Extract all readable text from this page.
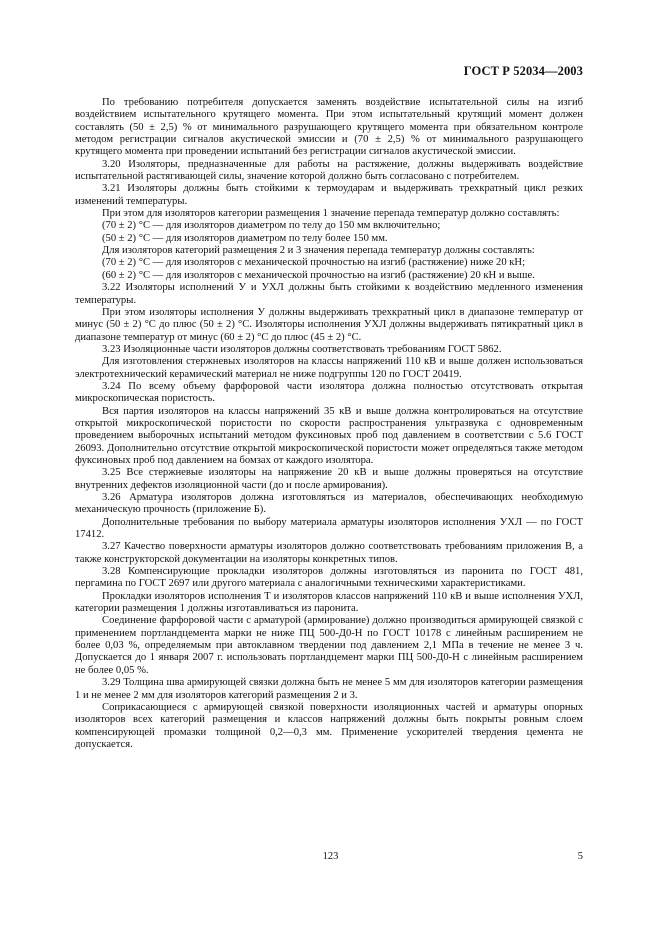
ГОСТ Р 52034—2003

По требованию потребителя допускается заменять воздействие испытательной силы на изгиб воздействием испытательного крутящего момента. При этом испытательный крутящий момент должен составлять (50 ± 2,5) % от минимального разрушающего крутящего момента при обязательном контроле методом регистрации сигналов акустической эмиссии и (70 ± 2,5) % от минимального разрушающего крутящего момента при проведении испытаний без регистрации сигналов акустической эмиссии.

3.20 Изоляторы, предназначенные для работы на растяжение, должны выдерживать воздействие испытательной растягивающей силы, значение которой должно быть согласовано с потребителем.

3.21 Изоляторы должны быть стойкими к термоударам и выдерживать трехкратный цикл резких изменений температуры.

При этом для изоляторов категории размещения 1 значение перепада температур должно составлять:

(70 ± 2) °С — для изоляторов диаметром по телу до 150 мм включительно;

(50 ± 2) °С — для изоляторов диаметром по телу более 150 мм.

Для изоляторов категорий размещения 2 и 3 значения перепада температур должны составлять:

(70 ± 2) °С — для изоляторов с механической прочностью на изгиб (растяжение) ниже 20 кН;

(60 ± 2) °С — для изоляторов с механической прочностью на изгиб (растяжение) 20 кН и выше.

3.22 Изоляторы исполнений У и УХЛ должны быть стойкими к воздействию медленного изменения температуры.

При этом изоляторы исполнения У должны выдерживать трехкратный цикл в диапазоне температур от минус (50 ± 2) °С до плюс (50 ± 2) °С. Изоляторы исполнения УХЛ должны выдерживать пятикратный цикл в диапазоне температур от минус (60 ± 2) °С до плюс (45 ± 2) °С.

3.23 Изоляционные части изоляторов должны соответствовать требованиям ГОСТ 5862.

Для изготовления стержневых изоляторов на классы напряжений 110 кВ и выше должен использоваться электротехнический керамический материал не ниже подгруппы 120 по ГОСТ 20419.

3.24 По всему объему фарфоровой части изолятора должна полностью отсутствовать открытая микроскопическая пористость.

Вся партия изоляторов на классы напряжений 35 кВ и выше должна контролироваться на отсутствие открытой микроскопической пористости по скорости распространения ультразвука с одновременным проведением выборочных испытаний методом фуксиновых проб под давлением в соответствии с 5.6 ГОСТ 26093. Дополнительно отсутствие открытой микроскопической пористости может определяться также методом фуксиновых проб под давлением на бомзах от каждого изолятора.

3.25 Все стержневые изоляторы на напряжение 20 кВ и выше должны проверяться на отсутствие внутренних дефектов изоляционной части (до и после армирования).

3.26 Арматура изоляторов должна изготовляться из материалов, обеспечивающих необходимую механическую прочность (приложение Б).

Дополнительные требования по выбору материала арматуры изоляторов исполнения УХЛ — по ГОСТ 17412.

3.27 Качество поверхности арматуры изоляторов должно соответствовать требованиям приложения В, а также конструкторской документации на изоляторы конкретных типов.

3.28 Компенсирующие прокладки изоляторов должны изготовляться из паронита по ГОСТ 481, пергамина по ГОСТ 2697 или другого материала с аналогичными техническими характеристиками.

Прокладки изоляторов исполнения Т и изоляторов классов напряжений 110 кВ и выше исполнения УХЛ, категории размещения 1 должны изготавливаться из паронита.

Соединение фарфоровой части с арматурой (армирование) должно производиться армирующей связкой с применением портландцемента марки не ниже ПЦ 500-Д0-Н по ГОСТ 10178 с линейным расширением не более 0,03 %, определяемым при автоклавном твердении под давлением 2,1 МПа в течение не менее 3 ч. Допускается до 1 января 2007 г. использовать портландцемент марки ПЦ 500-Д0-Н с линейным расширением не более 0,05 %.

3.29 Толщина шва армирующей связки должна быть не менее 5 мм для изоляторов категории размещения 1 и не менее 2 мм для изоляторов категорий размещения 2 и 3.

Соприкасающиеся с армирующей связкой поверхности изоляционных частей и арматуры опорных изоляторов всех категорий размещения и классов напряжений должны быть покрыты ровным слоем компенсирующей промазки толщиной 0,2—0,3 мм. Применение ускорителей твердения цемента не допускается.

123	5
